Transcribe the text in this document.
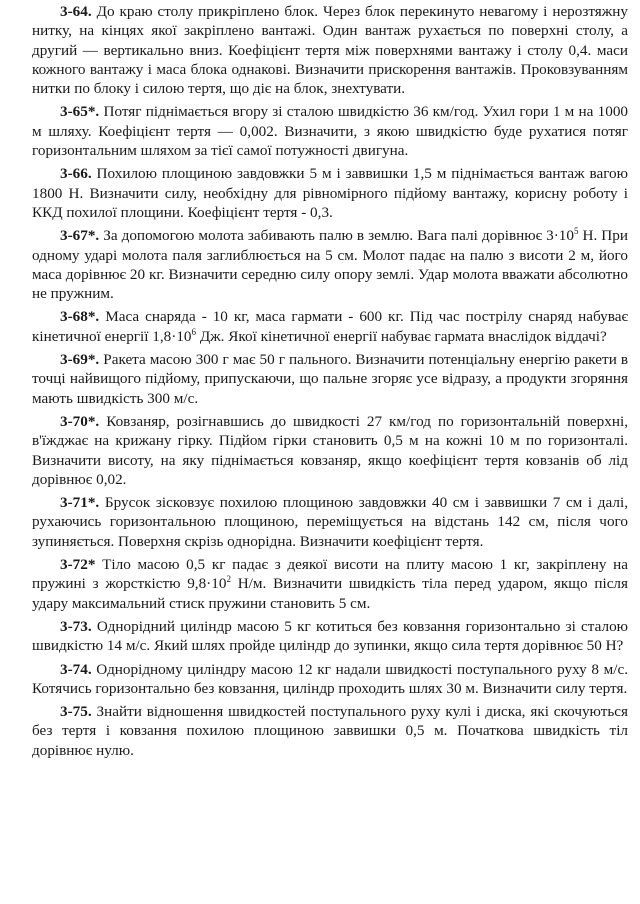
3-64. До краю столу прикріплено блок. Через блок перекинуто невагому і нерозтяжну нитку, на кінцях якої закріплено вантажі. Один вантаж рухається по поверхні столу, а другий — вертикально вниз. Коефіцієнт тертя між поверхнями вантажу і столу 0,4. маси кожного вантажу і маса блока однакові. Визначити прискорення вантажів. Проковзуванням нитки по блоку і силою тертя, що діє на блок, знехтувати.

3-65*. Потяг піднімається вгору зі сталою швидкістю 36 км/год. Ухил гори 1 м на 1000 м шляху. Коефіцієнт тертя — 0,002. Визначити, з якою швидкістю буде рухатися потяг горизонтальним шляхом за тієї самої потужності двигуна.

3-66. Похилою площиною завдовжки 5 м і заввишки 1,5 м піднімається вантаж вагою 1800 Н. Визначити силу, необхідну для рівномірного підйому вантажу, корисну роботу і ККД похилої площини. Коефіцієнт тертя - 0,3.

3-67*. За допомогою молота забивають палю в землю. Вага палі дорівнює $3\cdot 10^5$ Н. При одному ударі молота паля заглиблюється на 5 см. Молот падає на палю з висоти 2 м, його маса дорівнює 20 кг. Визначити середню силу опору землі. Удар молота вважати абсолютно не пружним.

3-68*. Маса снаряда - 10 кг, маса гармати - 600 кг. Під час пострілу снаряд набуває кінетичної енергії $1,8\cdot 10^6$ Дж. Якої кінетичної енергії набуває гармата внаслідок віддачі?

3-69*. Ракета масою 300 г має 50 г пального. Визначити потенціальну енергію ракети в точці найвищого підйому, припускаючи, що пальне згоряє усе відразу, а продукти згоряння мають швидкість 300 м/с.

3-70*. Ковзаняр, розігнавшись до швидкості 27 км/год по горизонтальній поверхні, в'їжджає на крижану гірку. Підйом гірки становить 0,5 м на кожні 10 м по горизонталі. Визначити висоту, на яку піднімається ковзаняр, якщо коефіцієнт тертя ковзанів об лід дорівнює 0,02.

3-71*. Брусок зісковзує похилою площиною завдовжки 40 см і заввишки 7 см і далі, рухаючись горизонтальною площиною, переміщується на відстань 142 см, після чого зупиняється. Поверхня скрізь однорідна. Визначити коефіцієнт тертя.

3-72* Тіло масою 0,5 кг падає з деякої висоти на плиту масою 1 кг, закріплену на пружині з жорсткістю $9,8\cdot 10^2$ Н/м. Визначити швидкість тіла перед ударом, якщо після удару максимальний стиск пружини становить 5 см.

3-73. Однорідний циліндр масою 5 кг котиться без ковзання горизонтально зі сталою швидкістю 14 м/с. Який шлях пройде циліндр до зупинки, якщо сила тертя дорівнює 50 Н?

3-74. Однорідному циліндру масою 12 кг надали швидкості поступального руху 8 м/с. Котячись горизонтально без ковзання, циліндр проходить шлях 30 м. Визначити силу тертя.

3-75. Знайти відношення швидкостей поступального руху кулі і диска, які скочуються без тертя і ковзання похилою площиною заввишки 0,5 м. Початкова швидкість тіл дорівнює нулю.
